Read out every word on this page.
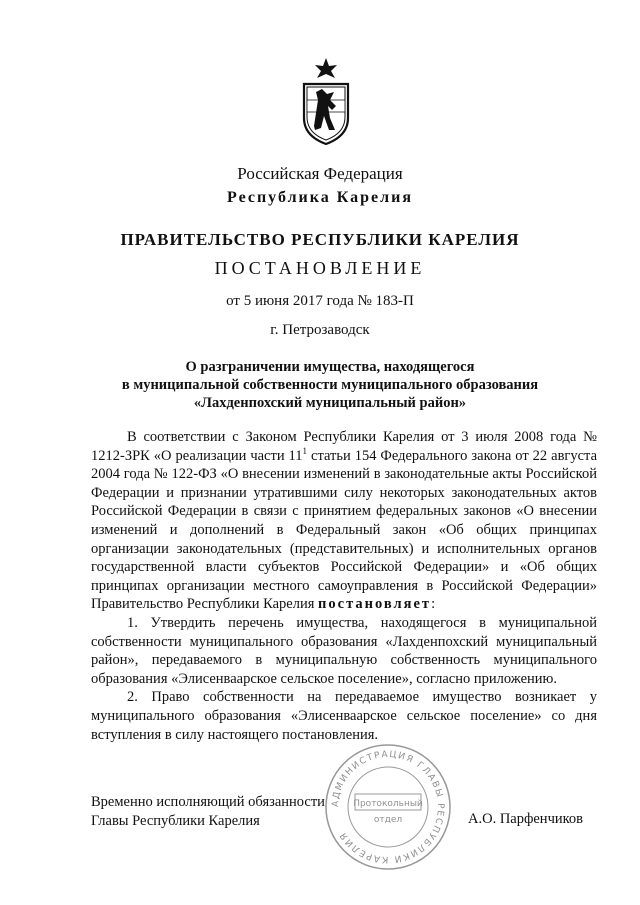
Российская Федерация
Республика Карелия
ПРАВИТЕЛЬСТВО РЕСПУБЛИКИ КАРЕЛИЯ
ПОСТАНОВЛЕНИЕ
от 5 июня 2017 года № 183-П
г. Петрозаводск
О разграничении имущества, находящегося
в муниципальной собственности муниципального образования
«Лахденпохский муниципальный район»

В соответствии с Законом Республики Карелия от 3 июля 2008 года № 1212-ЗРК «О реализации части $11^1$ статьи 154 Федерального закона от 22 августа 2004 года № 122-ФЗ «О внесении изменений в законодательные акты Российской Федерации и признании утратившими силу некоторых законодательных актов Российской Федерации в связи с принятием федеральных законов «О внесении изменений и дополнений в Федеральный закон «Об общих принципах организации законодательных (представительных) и исполнительных органов государственной власти субъектов Российской Федерации» и «Об общих принципах организации местного самоуправления в Российской Федерации» Правительство Республики Карелия постановляет:

1. Утвердить перечень имущества, находящегося в муниципальной собственности муниципального образования «Лахденпохский муниципальный район», передаваемого в муниципальную собственность муниципального образования «Элисенваарское сельское поселение», согласно приложению.

2. Право собственности на передаваемое имущество возникает у муниципального образования «Элисенваарское сельское поселение» со дня вступления в силу настоящего постановления.

Временно исполняющий обязанности
Главы Республики Карелия	А.О. Парфенчиков
АДМИНИСТРАЦИЯ ГЛАВЫ РЕСПУБЛИКИ КАРЕЛИЯ
Протокольный
отдел
